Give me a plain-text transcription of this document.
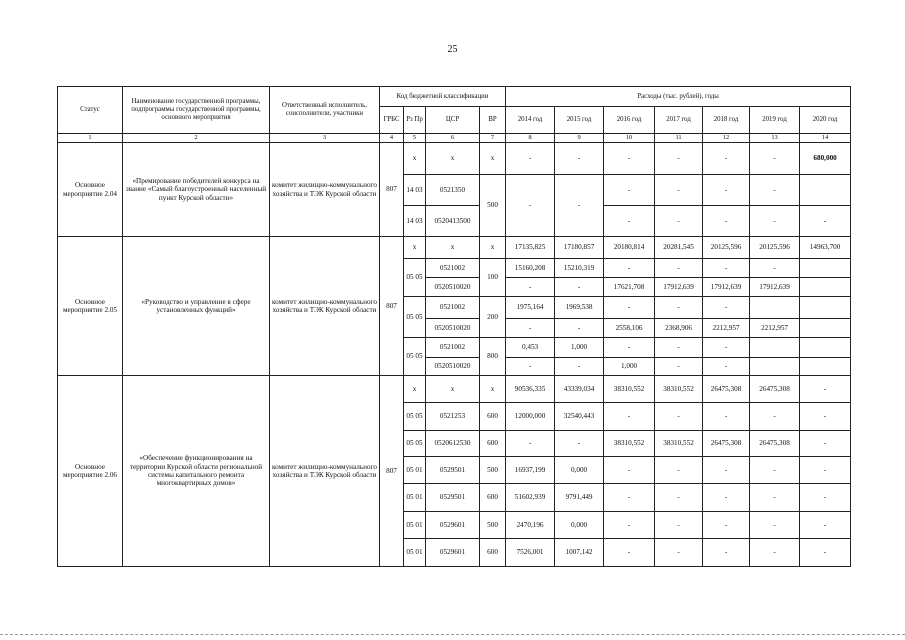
25
Статус	Наименование государственной программы, подпрограммы государственной программы, основного мероприятия	Ответственный исполнитель, соисполнители, участники	Код бюджетной классификации				Расходы (тыс. рублей), годы						
			ГРБС	Рз Пр	ЦСР	ВР	2014 год	2015 год	2016 год	2017 год	2018 год	2019 год	2020 год
1	2	3	4	5	6	7	8	9	10	11	12	13	14
Основное мероприятие 2.04	«Премирование победителей конкурса на звание «Самый благоустроенный населенный пункт Курской области»	комитет жилищно-коммунального хозяйства и ТЭК Курской области	807	х	х	х	-	-	-	-	-	-	680,000
				14 03	0521350	500	-	-	-	-	-	-	
				14 03	0520413500				-	-	-	-	-
Основное мероприятие 2.05	«Руководство и управление в сфере установленных функций»	комитет жилищно-коммунального хозяйства и ТЭК Курской области	807	х	х	х	17135,825	17180,857	20180,814	20281,545	20125,596	20125,596	14963,700
				05 05	0521002	100	15160,208	15210,319	-	-	-	-	
					0520510020		-	-	17621,708	17912,639	17912,639	17912,639	
				05 05	0521002	200	1975,164	1969,538	-	-	-		
					0520510020		-	-	2558,106	2368,906	2212,957	2212,957	
				05 05	0521002	800	0,453	1,000	-	-	-		
					0520510020		-	-	1,000	-	-		
Основное мероприятие 2.06	«Обеспечение функционирования на территории Курской области региональной системы капитального ремонта многоквартирных домов»	комитет жилищно-коммунального хозяйства и ТЭК Курской области	807	х	х	х	90536,335	43339,034	38310,552	38310,552	26475,308	26475,308	-
				05 05	0521253	600	12000,000	32540,443	-	-	-	-	-
				05 05	0520612530	600	-	-	38310,552	38310,552	26475,308	26475,308	-
				05 01	0529501	500	16937,199	0,000	-	-	-	-	-
				05 01	0529501	600	51602,939	9791,449	-	-	-	-	-
				05 01	0529601	500	2470,196	0,000	-	-	-	-	-
				05 01	0529601	600	7526,001	1007,142	-	-	-	-	-
